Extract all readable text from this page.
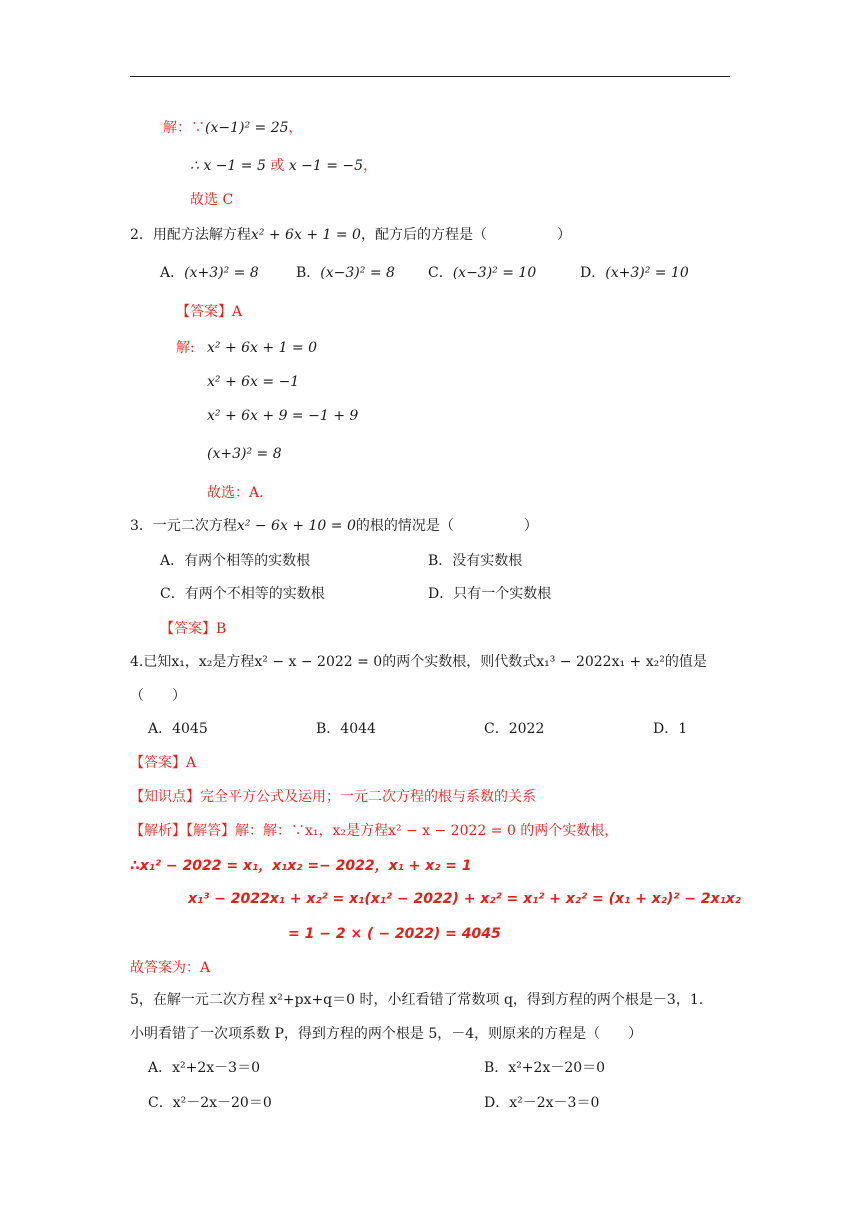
解：∵(x−1)² = 25，
∴ x −1 = 5 或 x −1 = −5，
故选 C
2．用配方法解方程x² + 6x + 1 = 0，配方后的方程是（　　　　　）
A．(x+3)² = 8	B．(x−3)² = 8 C．(x−3)² = 10	D．(x+3)² = 10
【答案】A
解: x² + 6x + 1 = 0
x² + 6x = −1
x² + 6x + 9 = −1 + 9
(x+3)² = 8
故选：A.
3．一元二次方程x² − 6x + 10 = 0的根的情况是（　　　　　）
A．有两个相等的实数根	B．没有实数根
C．有两个不相等的实数根	D．只有一个实数根
【答案】B
4.已知x₁，x₂是方程x² − x − 2022 = 0的两个实数根，则代数式x₁³ − 2022x₁ + x₂²的值是
（　　）
A．4045	B．4044	C．2022	D．1
【答案】A
【知识点】完全平方公式及运用；一元二次方程的根与系数的关系
【解析】【解答】解：解：∵x₁，x₂是方程x² − x − 2022 = 0 的两个实数根，
∴x₁² − 2022 = x₁，x₁x₂ =− 2022，x₁ + x₂ = 1
x₁³ − 2022x₁ + x₂² = x₁(x₁² − 2022) + x₂² = x₁² + x₂² = (x₁ + x₂)² − 2x₁x₂
= 1 − 2 × ( − 2022) = 4045
故答案为：A
5，在解一元二次方程 x²+px+q＝0 时，小红看错了常数项 q，得到方程的两个根是－3，1.
小明看错了一次项系数 P，得到方程的两个根是 5，－4，则原来的方程是（　　）
A．x²+2x－3＝0	B．x²+2x－20＝0
C．x²－2x－20＝0	D．x²－2x－3＝0
